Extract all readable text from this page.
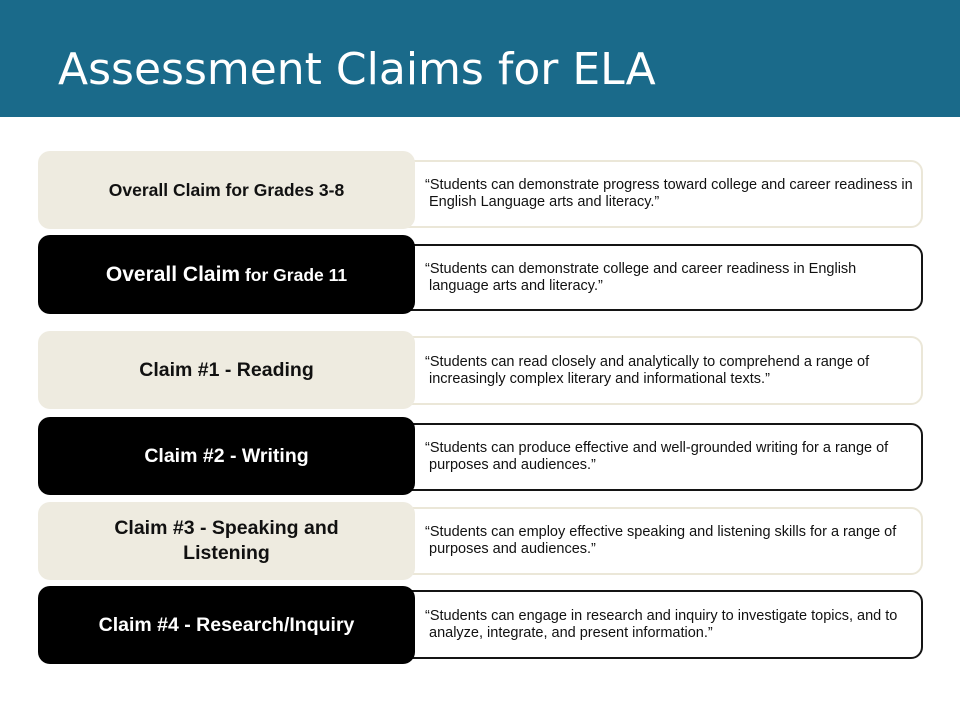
Assessment Claims for ELA
“Students can demonstrate progress toward college and career readiness in English Language arts and literacy.”
Overall Claim for Grades 3-8
“Students can demonstrate college and career readiness in English language arts and literacy.”
Overall Claim for Grade 11
“Students can read closely and analytically to comprehend a range of increasingly complex literary and informational texts.”
Claim #1 - Reading
“Students can produce effective and well-grounded writing for a range of purposes and audiences.”
Claim #2 - Writing
“Students can employ effective speaking and listening skills for a range of purposes and audiences.”
Claim #3 - Speaking and Listening
“Students can engage in research and inquiry to investigate topics, and to analyze, integrate, and present information.”
Claim #4 - Research/Inquiry
